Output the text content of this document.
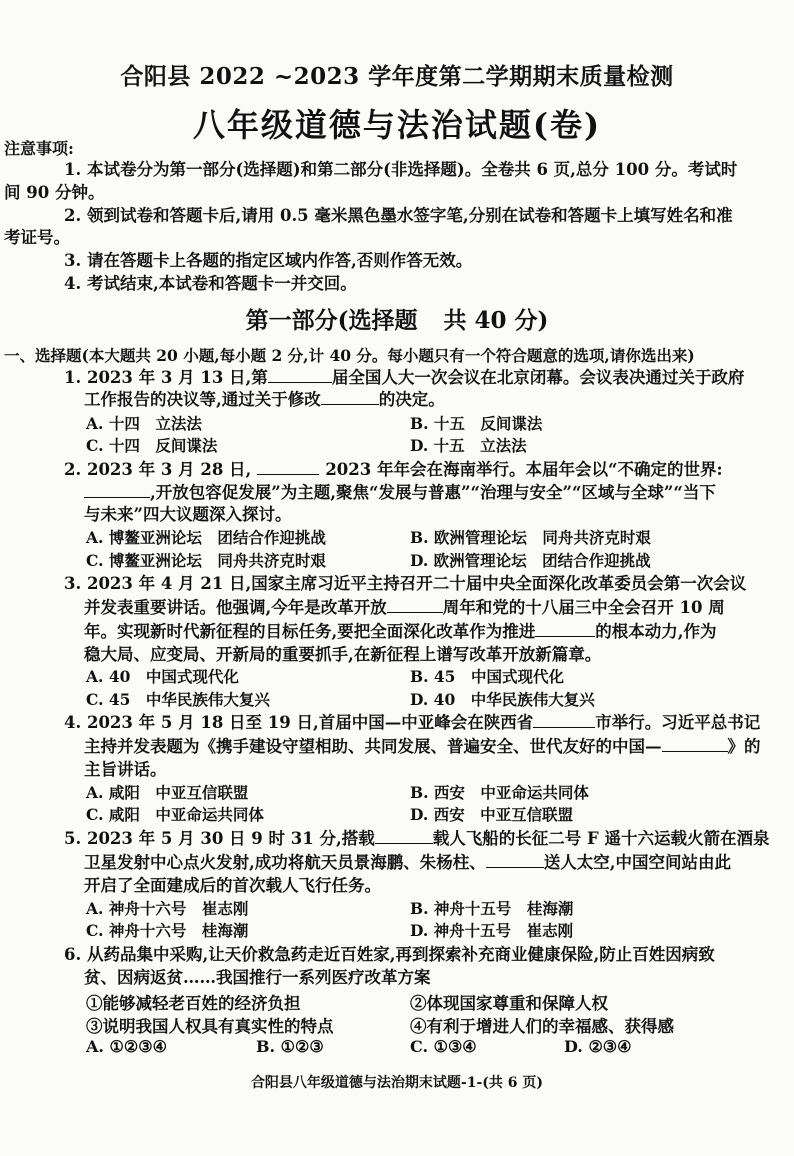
合阳县 2022 ~2023 学年度第二学期期末质量检测
八年级道德与法治试题(卷)
注意事项:
1. 本试卷分为第一部分(选择题)和第二部分(非选择题)。全卷共 6 页,总分 100 分。考试时
间 90 分钟。
2. 领到试卷和答题卡后,请用 0.5 毫米黑色墨水签字笔,分别在试卷和答题卡上填写姓名和准
考证号。
3. 请在答题卡上各题的指定区域内作答,否则作答无效。
4. 考试结束,本试卷和答题卡一并交回。
第一部分(选择题 共 40 分)
一、选择题(本大题共 20 小题,每小题 2 分,计 40 分。每小题只有一个符合题意的选项,请你选出来)
1. 2023 年 3 月 13 日,第	届全国人大一次会议在北京闭幕。会议表决通过关于政府
工作报告的决议等,通过关于修改	的决定。
A. 十四　立法法	B. 十五　反间谍法
C. 十四　反间谍法	D. 十五　立法法
2. 2023 年 3 月 28 日,	2023 年年会在海南举行。本届年会以“不确定的世界:
,开放包容促发展”为主题,聚焦“发展与普惠”“治理与安全”“区域与全球”“当下
与未来”四大议题深入探讨。
A. 博鳌亚洲论坛　团结合作迎挑战	B. 欧洲管理论坛　同舟共济克时艰
C. 博鳌亚洲论坛　同舟共济克时艰	D. 欧洲管理论坛　团结合作迎挑战
3. 2023 年 4 月 21 日,国家主席习近平主持召开二十届中央全面深化改革委员会第一次会议
并发表重要讲话。他强调,今年是改革开放	周年和党的十八届三中全会召开 10 周
年。实现新时代新征程的目标任务,要把全面深化改革作为推进	的根本动力,作为
稳大局、应变局、开新局的重要抓手,在新征程上谱写改革开放新篇章。
A. 40　中国式现代化	B. 45　中国式现代化
C. 45　中华民族伟大复兴	D. 40　中华民族伟大复兴
4. 2023 年 5 月 18 日至 19 日,首届中国—中亚峰会在陕西省	市举行。习近平总书记
主持并发表题为《携手建设守望相助、共同发展、普遍安全、世代友好的中国—	》的
主旨讲话。
A. 咸阳　中亚互信联盟	B. 西安　中亚命运共同体
C. 咸阳　中亚命运共同体	D. 西安　中亚互信联盟
5. 2023 年 5 月 30 日 9 时 31 分,搭载	载人飞船的长征二号 F 遥十六运载火箭在酒泉
卫星发射中心点火发射,成功将航天员景海鹏、朱杨柱、	送人太空,中国空间站由此
开启了全面建成后的首次载人飞行任务。
A. 神舟十六号　崔志刚	B. 神舟十五号　桂海潮
C. 神舟十六号　桂海潮	D. 神舟十五号　崔志刚
6. 从药品集中采购,让天价救急药走近百姓家,再到探索补充商业健康保险,防止百姓因病致
贫、因病返贫……我国推行一系列医疗改革方案
①能够减轻老百姓的经济负担	②体现国家尊重和保障人权
③说明我国人权具有真实性的特点	④有利于增进人们的幸福感、获得感
A. ①②③④	B. ①②③	C. ①③④	D. ②③④
合阳县八年级道德与法治期末试题-1-(共 6 页)
